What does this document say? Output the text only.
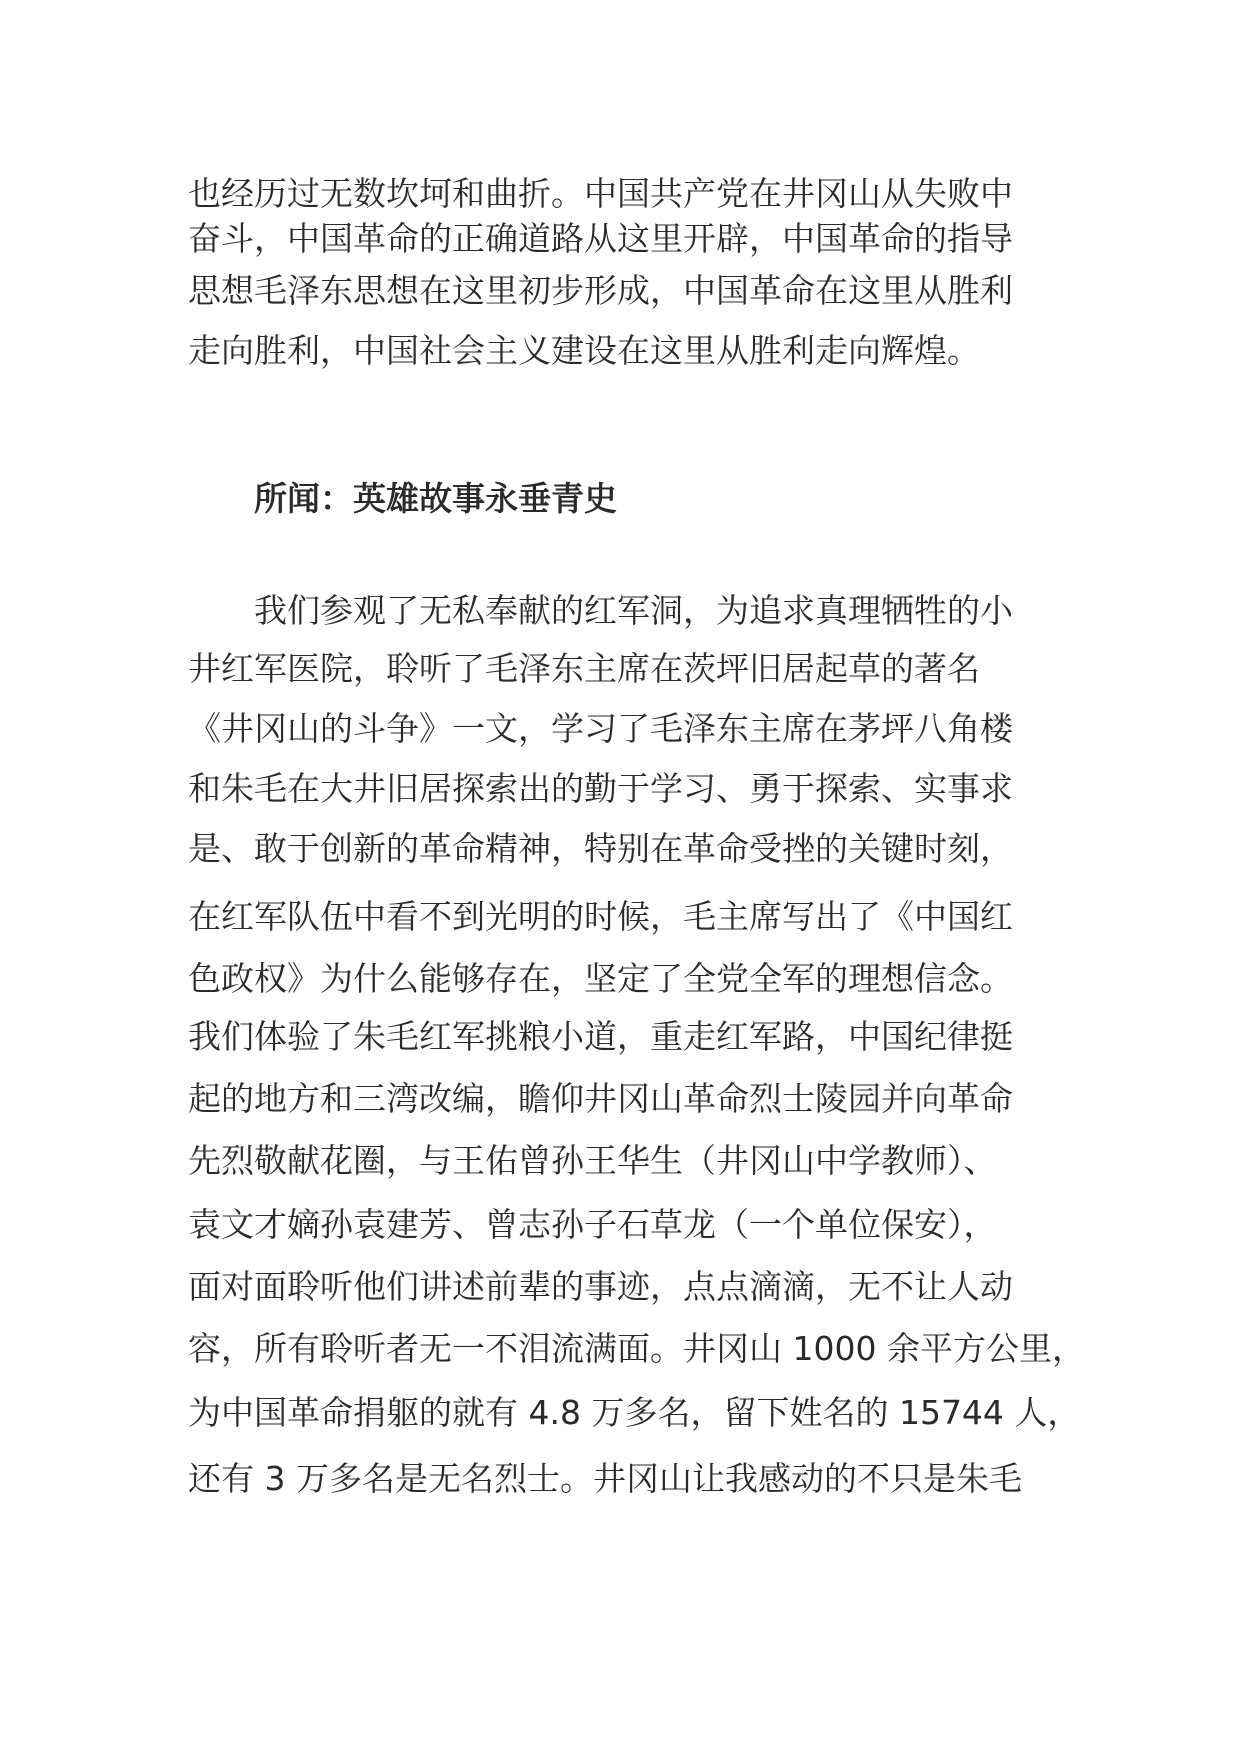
也经历过无数坎坷和曲折。中国共产党在井冈山从失败中
奋斗，中国革命的正确道路从这里开辟，中国革命的指导
思想毛泽东思想在这里初步形成，中国革命在这里从胜利
走向胜利，中国社会主义建设在这里从胜利走向辉煌。
所闻：英雄故事永垂青史
我们参观了无私奉献的红军洞，为追求真理牺牲的小
井红军医院，聆听了毛泽东主席在茨坪旧居起草的著名
《井冈山的斗争》一文，学习了毛泽东主席在茅坪八角楼
和朱毛在大井旧居探索出的勤于学习、勇于探索、实事求
是、敢于创新的革命精神，特别在革命受挫的关键时刻，
在红军队伍中看不到光明的时候，毛主席写出了《中国红
色政权》为什么能够存在，坚定了全党全军的理想信念。
我们体验了朱毛红军挑粮小道，重走红军路，中国纪律挺
起的地方和三湾改编，瞻仰井冈山革命烈士陵园并向革命
先烈敬献花圈，与王佑曾孙王华生（井冈山中学教师）、
袁文才嫡孙袁建芳、曾志孙子石草龙（一个单位保安），
面对面聆听他们讲述前辈的事迹，点点滴滴，无不让人动
容，所有聆听者无一不泪流满面。井冈山 1000 余平方公里，
为中国革命捐躯的就有 4.8 万多名，留下姓名的 15744 人，
还有 3 万多名是无名烈士。井冈山让我感动的不只是朱毛
